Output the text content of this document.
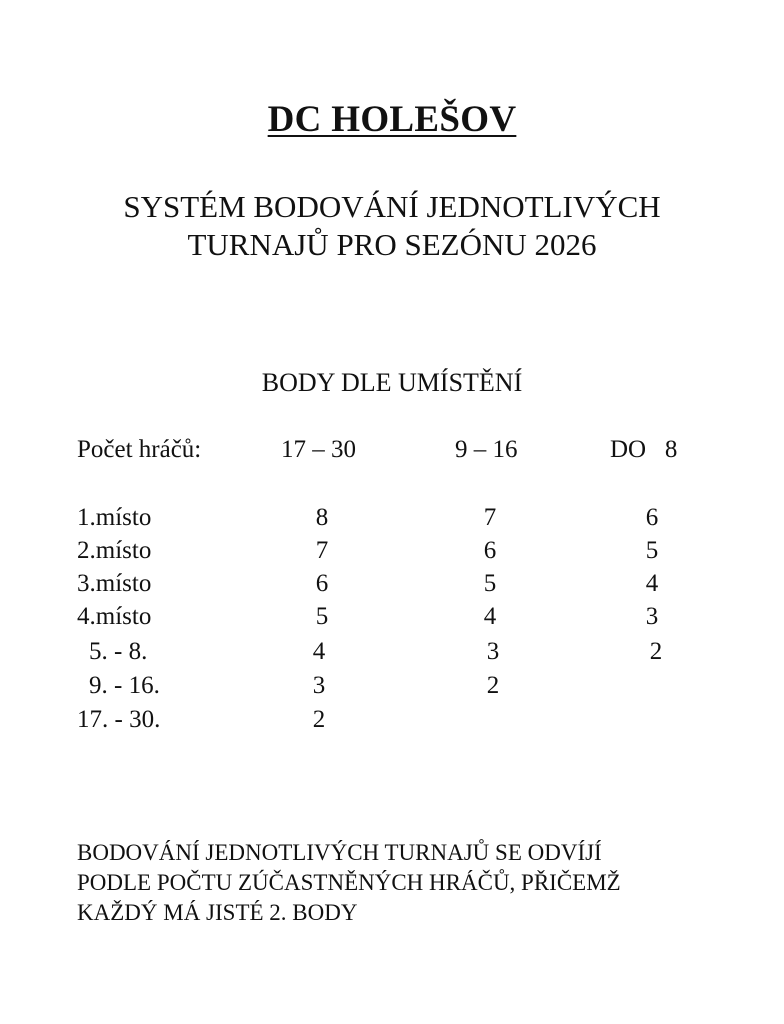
DC HOLEŠOV
SYSTÉM BODOVÁNÍ JEDNOTLIVÝCH
TURNAJŮ PRO SEZÓNU 2026
BODY DLE UMÍSTĚNÍ
Počet hráčů:	17 – 30	9 – 16	DO   8
1.místo	8	7	6
2.místo	7	6	5
3.místo	6	5	4
4.místo	5	4	3
5. - 8.	4	3	2
9. - 16.	3	2
17. - 30.	2
BODOVÁNÍ JEDNOTLIVÝCH TURNAJŮ SE ODVÍJÍ
PODLE POČTU ZÚČASTNĚNÝCH HRÁČŮ, PŘIČEMŽ
KAŽDÝ MÁ JISTÉ 2. BODY
